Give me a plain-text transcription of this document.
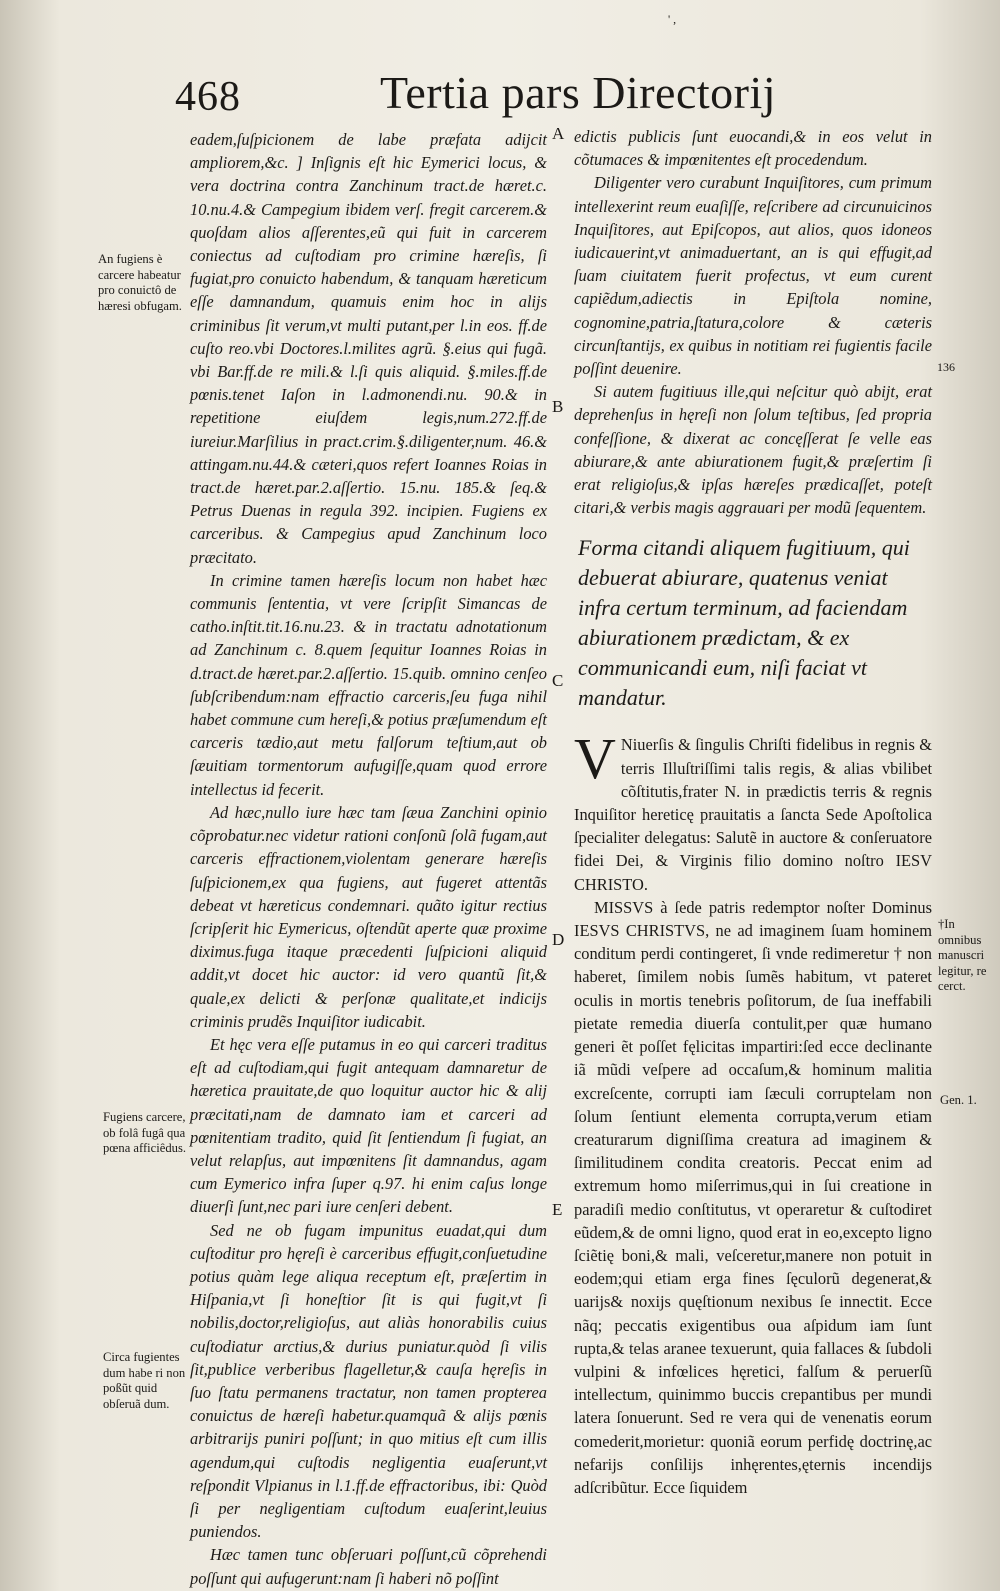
' ,
468	Tertia pars Directorij
An fugiens è carcere habeatur pro conuictô de hæresi obfugam.
Fugiens carcere, ob folâ fugâ qua pœna afficiêdus.
Circa fugientes dum habe ri non poßũt quid obſeruã dum.
A
B
C
D
E
136
†In omnibus manuscri legitur, re cerct.
Gen. 1.

eadem,ſuſpicionem de labe præfata adijcit ampliorem,&c. ] Inſignis eſt hic Eymerici locus, & vera doctrina contra Zanchinum tract.de hæret.c. 10.nu.4.& Campegium ibidem verſ. fregit carcerem.& quoſdam alios aſſerentes,eũ qui fuit in carcerem coniectus ad cuſtodiam pro crimine hæreſis, ſi fugiat,pro conuicto habendum, & tanquam hæreticum eſſe damnandum, quamuis enim hoc in alijs criminibus ſit verum,vt multi putant,per l.in eos. ff.de cuſto reo.vbi Doctores.l.milites agrũ. §.eius qui fugã. vbi Bar.ff.de re mili.& l.ſi quis aliquid. §.miles.ff.de pœnis.tenet Iaſon in l.admonendi.nu. 90.& in repetitione eiuſdem legis,num.272.ff.de iureiur.Marſilius in pract.crim.§.diligenter,num. 46.& attingam.nu.44.& cæteri,quos refert Ioannes Roias in tract.de hæret.par.2.aſſertio. 15.nu. 185.& ſeq.& Petrus Duenas in regula 392. incipien. Fugiens ex carceribus. & Campegius apud Zanchinum loco præcitato.

In crimine tamen hæreſis locum non habet hæc communis ſententia, vt vere ſcripſit Simancas de catho.inſtit.tit.16.nu.23. & in tractatu adnotationum ad Zanchinum c. 8.quem ſequitur Ioannes Roias in d.tract.de hæret.par.2.aſſertio. 15.quib. omnino cenſeo ſubſcribendum:nam effractio carceris,ſeu fuga nihil habet commune cum hereſi,& potius præſumendum eſt carceris tædio,aut metu falſorum teſtium,aut ob ſæuitiam tormentorum aufugiſſe,quam quod errore intellectus id fecerit.

Ad hæc,nullo iure hæc tam ſæua Zanchini opinio cõprobatur.nec videtur rationi conſonũ ſolã fugam,aut carceris effractionem,violentam generare hæreſis ſuſpicionem,ex qua fugiens, aut fugeret attentãs debeat vt hæreticus condemnari. quãto igitur rectius ſcripſerit hic Eymericus, oſtendũt aperte quæ proxime diximus.fuga itaque præcedenti ſuſpicioni aliquid addit,vt docet hic auctor: id vero quantũ ſit,& quale,ex delicti & perſonæ qualitate,et indicijs criminis prudẽs Inquiſitor iudicabit.

Et hęc vera eſſe putamus in eo qui carceri traditus eſt ad cuſtodiam,qui fugit antequam damnaretur de hæretica prauitate,de quo loquitur auctor hic & alij præcitati,nam de damnato iam et carceri ad pœnitentiam tradito, quid ſit ſentiendum ſi fugiat, an velut relapſus, aut impœnitens ſit damnandus, agam cum Eymerico infra ſuper q.97. hi enim caſus longe diuerſi ſunt,nec pari iure cenſeri debent.

Sed ne ob fugam impunitus euadat,qui dum cuſtoditur pro hęreſi è carceribus effugit,conſuetudine potius quàm lege aliqua receptum eſt, præſertim in Hiſpania,vt ſi honeſtior ſit is qui fugit,vt ſi nobilis,doctor,religioſus, aut aliàs honorabilis cuius cuſtodiatur arctius,& durius puniatur.quòd ſi vilis ſit,publice verberibus flagelletur,& cauſa hęreſis in ſuo ſtatu permanens tractatur, non tamen propterea conuictus de hæreſi habetur.quamquã & alijs pœnis arbitrarijs puniri poſſunt; in quo mitius eſt cum illis agendum,qui cuſtodis negligentia euaſerunt,vt reſpondit Vlpianus in l.1.ff.de effractoribus, ibi: Quòd ſi per negligentiam cuſtodum euaſerint,leuius puniendos.

Hæc tamen tunc obſeruari poſſunt,cũ cõprehendi poſſunt qui aufugerunt:nam ſi haberi nõ poſſint

edictis publicis ſunt euocandi,& in eos velut in cõtumaces & impœnitentes eſt procedendum.

Diligenter vero curabunt Inquiſitores, cum primum intellexerint reum euaſiſſe, reſcribere ad circunuicinos Inquiſitores, aut Epiſcopos, aut alios, quos idoneos iudicauerint,vt animaduertant, an is qui effugit,ad ſuam ciuitatem fuerit profectus, vt eum curent capiẽdum,adiectis in Epiſtola nomine, cognomine,patria,ſtatura,colore & cæteris circunſtantijs, ex quibus in notitiam rei fugientis facile poſſint deuenire.

Si autem fugitiuus ille,qui neſcitur quò abijt, erat deprehenſus in hęreſi non ſolum teſtibus, ſed propria confeſſione, & dixerat ac concęſſerat ſe velle eas abiurare,& ante abiurationem fugit,& præſertim ſi erat religioſus,& ipſas hæreſes prædicaſſet, poteſt citari,& verbis magis aggrauari per modũ ſequentem.

Forma citandi aliquem fugitiuum, qui debuerat abiurare, quatenus veniat infra certum terminum, ad faciendam abiurationem prædictam, & ex communicandi eum, niſi faciat vt mandatur.

V Niuerſis & ſingulis Chriſti fidelibus in regnis & terris Illuſtriſſimi talis regis, & alias vbilibet cõſtitutis,frater N. in prædictis terris & regnis Inquiſitor hereticę prauitatis a ſancta Sede Apoſtolica ſpecialiter delegatus: Salutẽ in auctore & conſeruatore fidei Dei, & Virginis filio domino noſtro IESV CHRISTO.

MISSVS à ſede patris redemptor noſter Dominus IESVS CHRISTVS, ne ad imaginem ſuam hominem conditum perdi contingeret, ſi vnde redimeretur † non haberet, ſimilem nobis ſumẽs habitum, vt pateret oculis in mortis tenebris poſitorum, de ſua ineffabili pietate remedia diuerſa contulit,per quæ humano generi ẽt poſſet fęlicitas impartiri:ſed ecce declinante iã mũdi veſpere ad occaſum,& hominum malitia excreſcente, corrupti iam ſæculi corruptelam non ſolum ſentiunt elementa corrupta,verum etiam creaturarum digniſſima creatura ad imaginem & ſimilitudinem condita creatoris. Peccat enim ad extremum homo miſerrimus,qui in ſui creatione in paradiſi medio conſtitutus, vt operaretur & cuſtodiret eũdem,& de omni ligno, quod erat in eo,excepto ligno ſciẽtię boni,& mali, veſceretur,manere non potuit in eodem;qui etiam erga fines ſęculorũ degenerat,& uarijs& noxijs quęſtionum nexibus ſe innectit. Ecce nãq; peccatis exigentibus oua aſpidum iam ſunt rupta,& telas aranee texuerunt, quia fallaces & ſubdoli vulpini & infœlices hęretici, falſum & peruerſũ intellectum, quinimmo buccis crepantibus per mundi latera ſonuerunt. Sed re vera qui de venenatis eorum comederit,morietur: quoniã eorum perfidę doctrinę,ac nefarijs conſilijs inhęrentes,ęternis incendijs adſcribũtur. Ecce ſiquidem
